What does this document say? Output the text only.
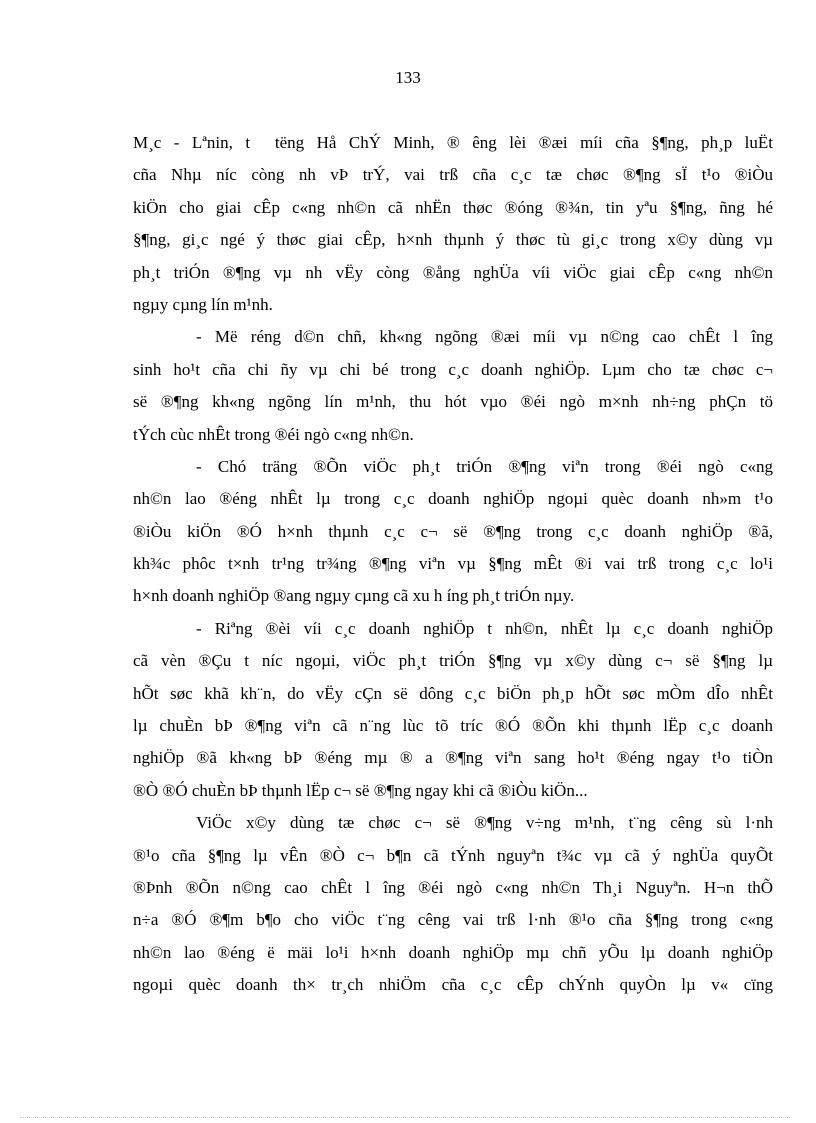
133
M¸c - Lªnin, t  tëng Hå ChÝ Minh, ® êng lèi ®æi míi cña §¶ng, ph¸p luËt
cña Nhµ níc còng nh vÞ trÝ, vai trß cña c¸c tæ chøc ®¶ng sÏ t¹o ®iÒu
kiÖn cho giai cÊp c«ng nh©n cã nhËn thøc ®óng ®¾n, tin yªu §¶ng, ñng hé
§¶ng, gi¸c ngé ý thøc giai cÊp, h×nh thµnh ý thøc tù gi¸c trong x©y dùng vµ
ph¸t triÓn ®¶ng vµ nh vËy còng ®ång nghÜa víi viÖc giai cÊp c«ng nh©n
ngµy cµng lín m¹nh.
- Më réng d©n chñ, kh«ng ngõng ®æi míi vµ n©ng cao chÊt l îng
sinh ho¹t cña chi ñy vµ chi bé trong c¸c doanh nghiÖp. Lµm cho tæ chøc c¬
së ®¶ng kh«ng ngõng lín m¹nh, thu hót vµo ®éi ngò m×nh nh÷ng phÇn tö
tÝch cùc nhÊt trong ®éi ngò c«ng nh©n.
- Chó träng ®Õn viÖc ph¸t triÓn ®¶ng viªn trong ®éi ngò c«ng
nh©n lao ®éng nhÊt lµ trong c¸c doanh nghiÖp ngoµi quèc doanh nh»m t¹o
®iÒu kiÖn ®Ó h×nh thµnh c¸c c¬ së ®¶ng trong c¸c doanh nghiÖp ®ã,
kh¾c phôc t×nh tr¹ng tr¾ng ®¶ng viªn vµ §¶ng mÊt ®i vai trß trong c¸c lo¹i
h×nh doanh nghiÖp ®ang ngµy cµng cã xu h íng ph¸t triÓn nµy.
- Riªng ®èi víi c¸c doanh nghiÖp t nh©n, nhÊt lµ c¸c doanh nghiÖp
cã vèn ®Çu t níc ngoµi, viÖc ph¸t triÓn §¶ng vµ x©y dùng c¬ së §¶ng lµ
hÕt søc khã kh¨n, do vËy cÇn së dông c¸c biÖn ph¸p hÕt søc mÒm dÎo nhÊt
lµ chuÈn bÞ ®¶ng viªn cã n¨ng lùc tõ tríc ®Ó ®Õn khi thµnh lËp c¸c doanh
nghiÖp ®ã kh«ng bÞ ®éng mµ ® a ®¶ng viªn sang ho¹t ®éng ngay t¹o tiÒn
®Ò ®Ó chuÈn bÞ thµnh lËp c¬ së ®¶ng ngay khi cã ®iÒu kiÖn...
ViÖc x©y dùng tæ chøc c¬ së ®¶ng v÷ng m¹nh, t¨ng cêng sù l·nh
®¹o cña §¶ng lµ vÊn ®Ò c¬ b¶n cã tÝnh nguyªn t¾c vµ cã ý nghÜa quyÕt
®Þnh ®Õn n©ng cao chÊt l îng ®éi ngò c«ng nh©n Th¸i Nguyªn. H¬n thÕ
n÷a ®Ó ®¶m b¶o cho viÖc t¨ng cêng vai trß l·nh ®¹o cña §¶ng trong c«ng
nh©n lao ®éng ë mäi lo¹i h×nh doanh nghiÖp mµ chñ yÕu lµ doanh nghiÖp
ngoµi quèc doanh th× tr¸ch nhiÖm cña c¸c cÊp chÝnh quyÒn lµ v« cïng
